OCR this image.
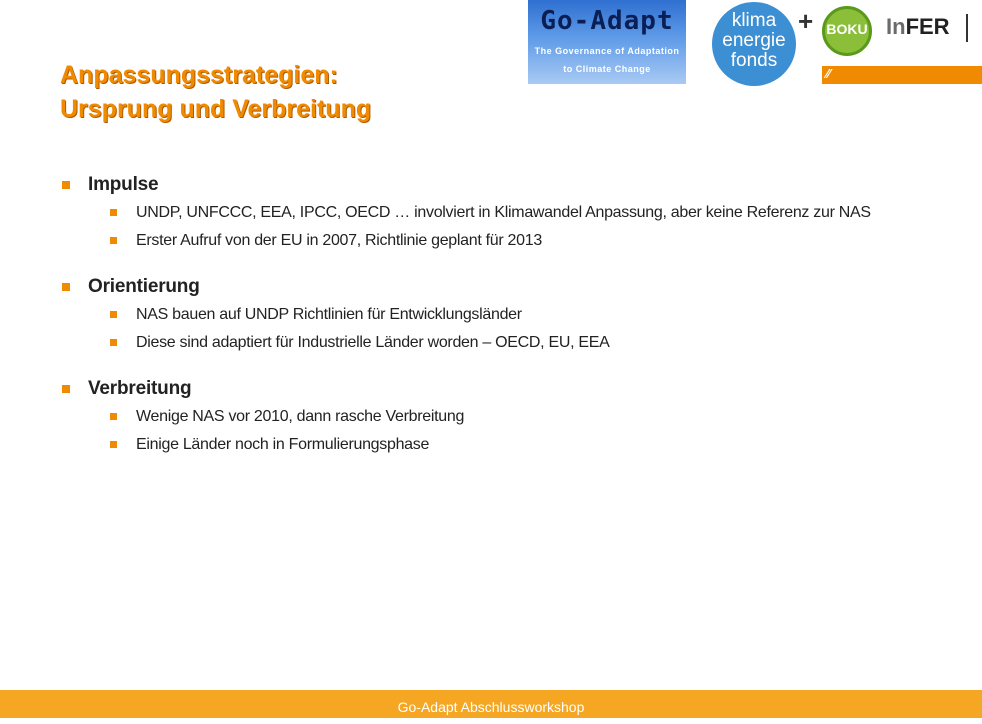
Anpassungsstrategien:
Ursprung und Verbreitung
Go-Adapt
The Governance of Adaptation
to Climate Change
klima
energie
fonds
+ BOKU InFER
⁄⁄
Impulse
UNDP, UNFCCC, EEA, IPCC, OECD … involviert in Klimawandel Anpassung, aber keine Referenz zur NAS
Erster Aufruf von der EU in 2007, Richtlinie geplant für 2013
Orientierung
NAS bauen auf UNDP Richtlinien für Entwicklungsländer
Diese sind adaptiert für Industrielle Länder worden – OECD, EU, EEA
Verbreitung
Wenige NAS vor 2010, dann rasche Verbreitung
Einige Länder noch in Formulierungsphase
Go-Adapt Abschlussworkshop
